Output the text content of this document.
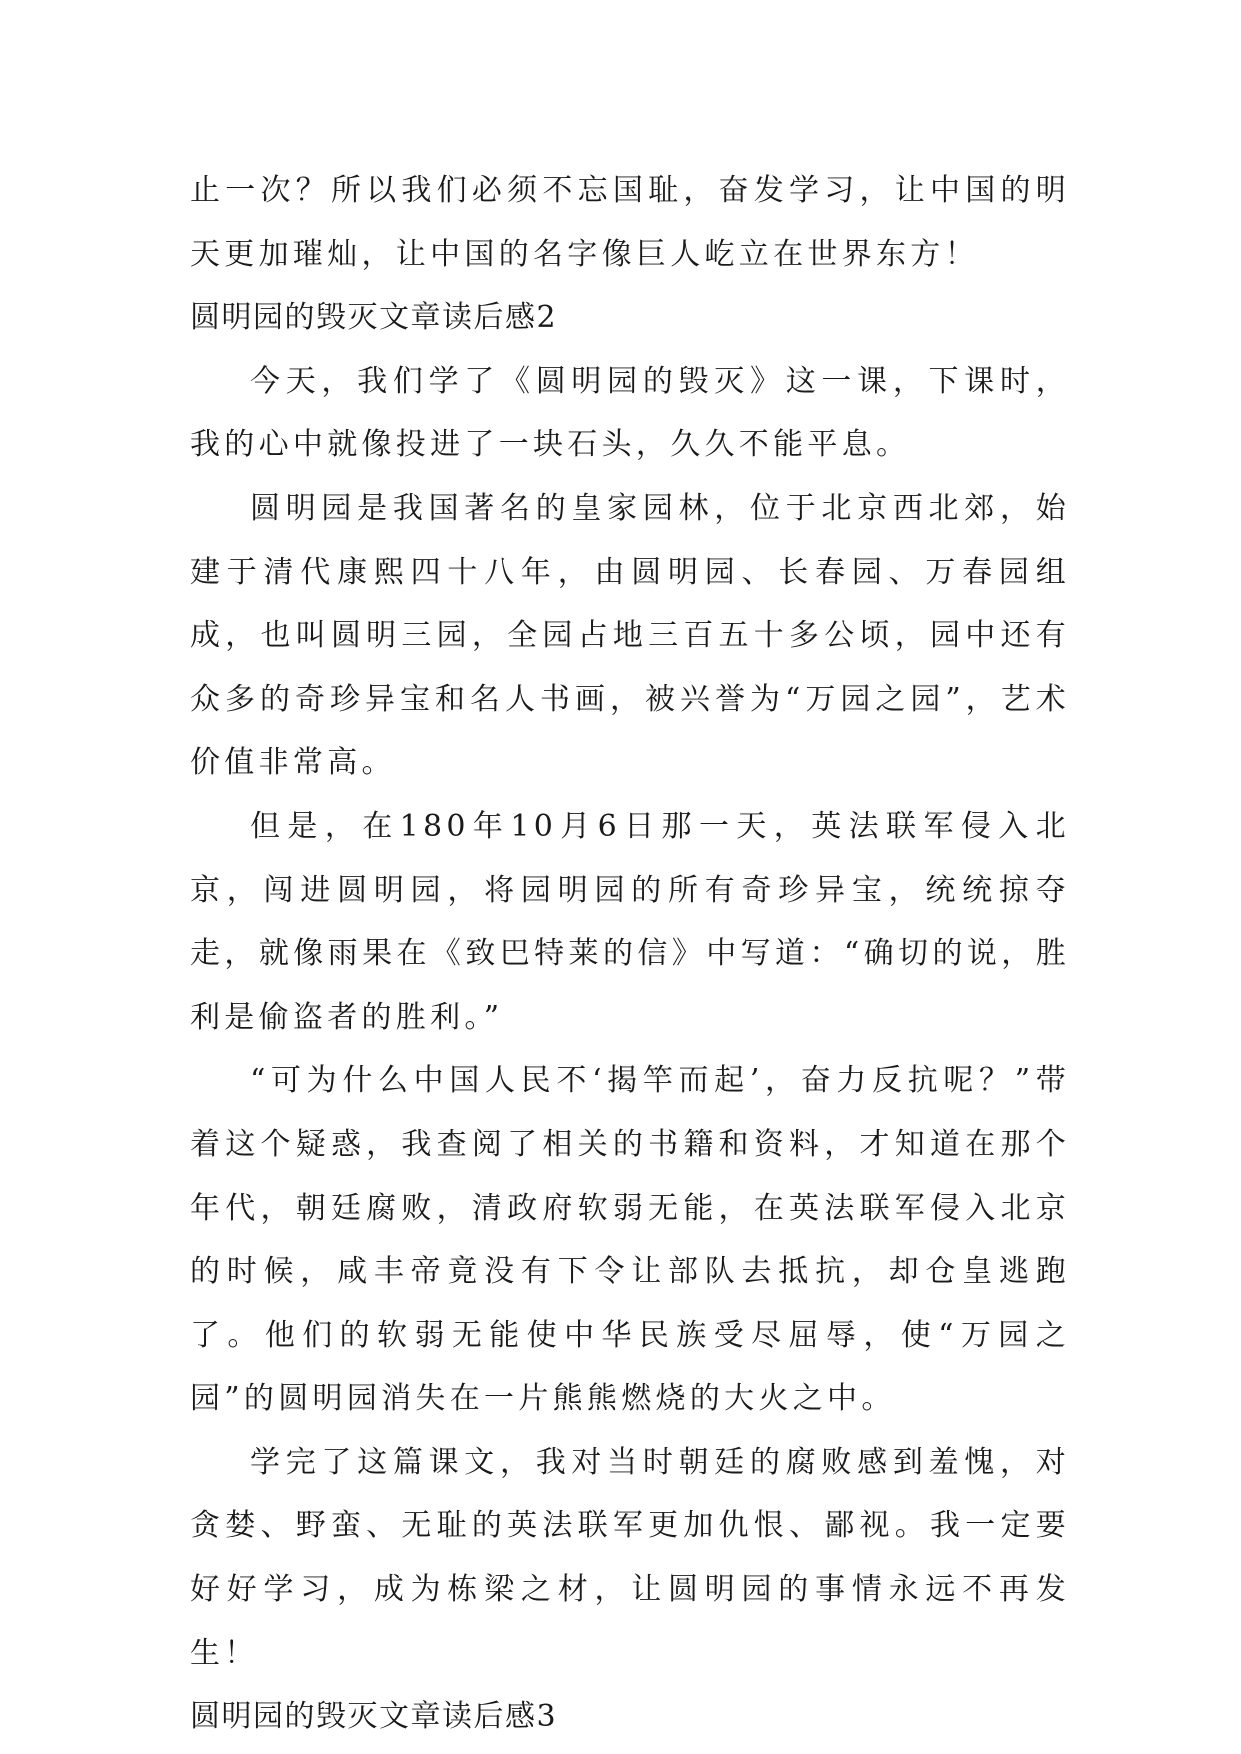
止一次？所以我们必须不忘国耻，奋发学习，让中国的明天更加璀灿，让中国的名字像巨人屹立在世界东方！

圆明园的毁灭文章读后感2

今天，我们学了《圆明园的毁灭》这一课，下课时，我的心中就像投进了一块石头，久久不能平息。

圆明园是我国著名的皇家园林，位于北京西北郊，始建于清代康熙四十八年，由圆明园、长春园、万春园组成，也叫圆明三园，全园占地三百五十多公顷，园中还有众多的奇珍异宝和名人书画，被兴誉为“万园之园”，艺术价值非常高。

但是，在180年10月6日那一天，英法联军侵入北京，闯进圆明园，将园明园的所有奇珍异宝，统统掠夺走，就像雨果在《致巴特莱的信》中写道：“确切的说，胜利是偷盗者的胜利。”

“可为什么中国人民不‘揭竿而起’，奋力反抗呢？”带着这个疑惑，我查阅了相关的书籍和资料，才知道在那个年代，朝廷腐败，清政府软弱无能，在英法联军侵入北京的时候，咸丰帝竟没有下令让部队去抵抗，却仓皇逃跑了。他们的软弱无能使中华民族受尽屈辱，使“万园之园”的圆明园消失在一片熊熊燃烧的大火之中。

学完了这篇课文，我对当时朝廷的腐败感到羞愧，对贪婪、野蛮、无耻的英法联军更加仇恨、鄙视。我一定要好好学习，成为栋梁之材，让圆明园的事情永远不再发生！

圆明园的毁灭文章读后感3
